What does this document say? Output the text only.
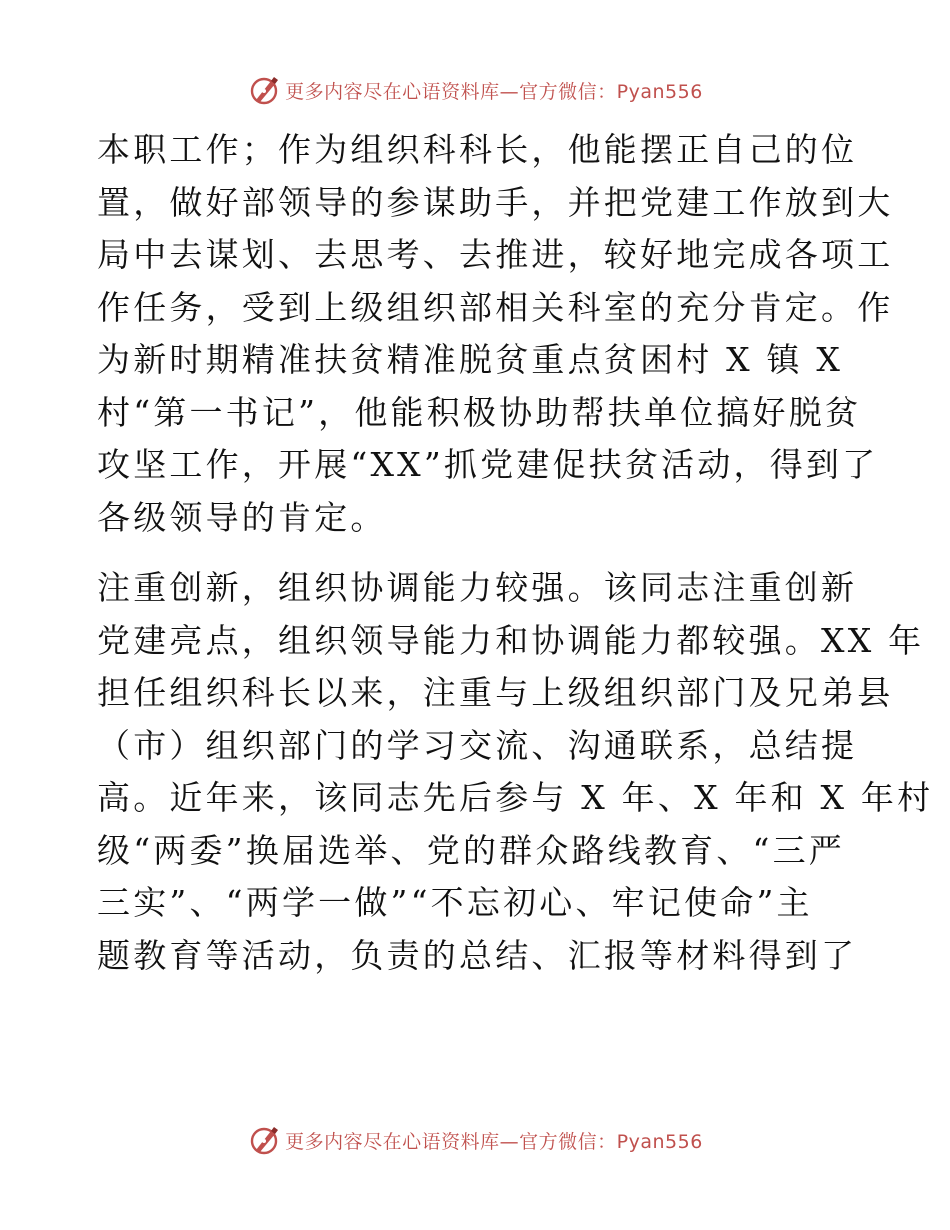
更多内容尽在心语资料库—官方微信：Pyan556

本职工作；作为组织科科长，他能摆正自己的位

置，做好部领导的参谋助手，并把党建工作放到大

局中去谋划、去思考、去推进，较好地完成各项工

作任务，受到上级组织部相关科室的充分肯定。作

为新时期精准扶贫精准脱贫重点贫困村 X 镇 X

村“第一书记”，他能积极协助帮扶单位搞好脱贫

攻坚工作，开展“XX”抓党建促扶贫活动，得到了

各级领导的肯定。

注重创新，组织协调能力较强。该同志注重创新

党建亮点，组织领导能力和协调能力都较强。XX 年

担任组织科长以来，注重与上级组织部门及兄弟县

（市）组织部门的学习交流、沟通联系，总结提

高。近年来，该同志先后参与 X 年、X 年和 X 年村

级“两委”换届选举、党的群众路线教育、“三严

三实”、“两学一做”“不忘初心、牢记使命”主

题教育等活动，负责的总结、汇报等材料得到了

更多内容尽在心语资料库—官方微信：Pyan556
